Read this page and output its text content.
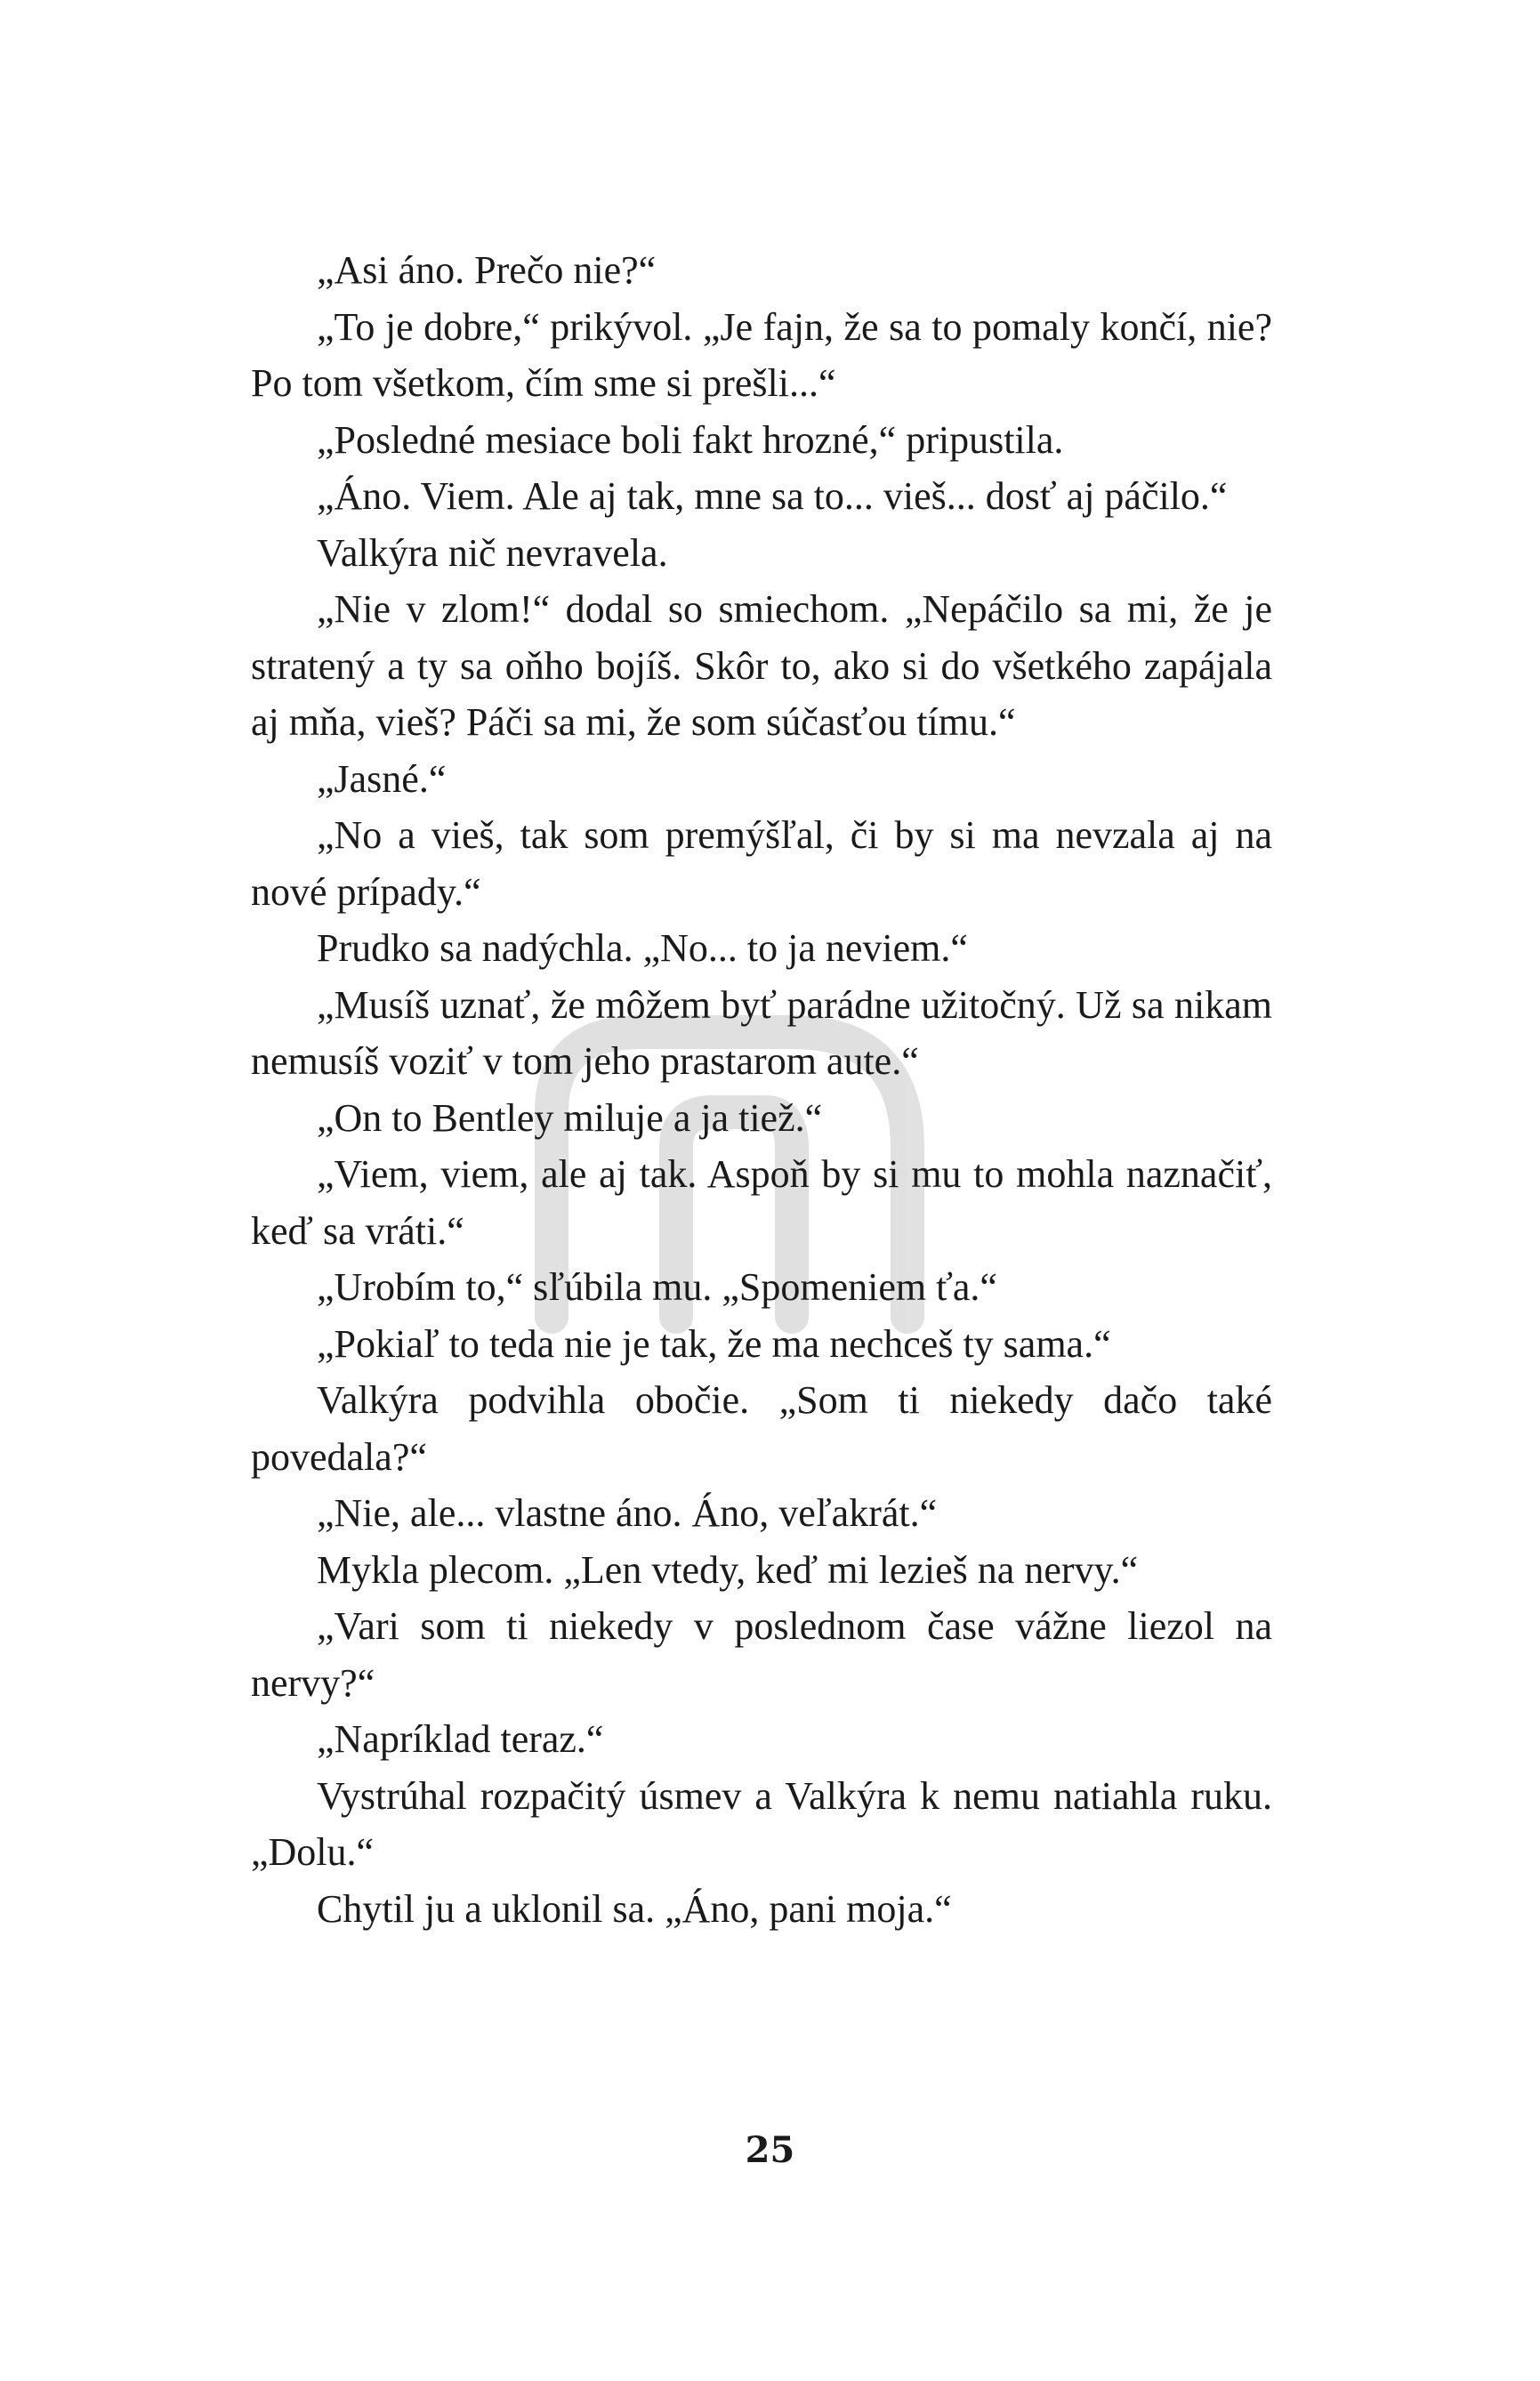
„Asi áno. Prečo nie?“

„To je dobre,“ prikývol. „Je fajn, že sa to pomaly končí, nie? Po tom všetkom, čím sme si prešli...“

„Posledné mesiace boli fakt hrozné,“ pripustila.

„Áno. Viem. Ale aj tak, mne sa to... vieš... dosť aj páčilo.“

Valkýra nič nevravela.

„Nie v zlom!“ dodal so smiechom. „Nepáčilo sa mi, že je stratený a ty sa oňho bojíš. Skôr to, ako si do všetkého zapájala aj mňa, vieš? Páči sa mi, že som súčasťou tímu.“

„Jasné.“

„No a vieš, tak som premýšľal, či by si ma nevzala aj na nové prípady.“

Prudko sa nadýchla. „No... to ja neviem.“

„Musíš uznať, že môžem byť parádne užitočný. Už sa nikam nemusíš voziť v tom jeho prastarom aute.“

„On to Bentley miluje a ja tiež.“

„Viem, viem, ale aj tak. Aspoň by si mu to mohla naznačiť, keď sa vráti.“

„Urobím to,“ sľúbila mu. „Spomeniem ťa.“

„Pokiaľ to teda nie je tak, že ma nechceš ty sama.“

Valkýra podvihla obočie. „Som ti niekedy dačo také povedala?“

„Nie, ale... vlastne áno. Áno, veľakrát.“

Mykla plecom. „Len vtedy, keď mi lezieš na nervy.“

„Vari som ti niekedy v poslednom čase vážne liezol na nervy?“

„Napríklad teraz.“

Vystrúhal rozpačitý úsmev a Valkýra k nemu natiahla ruku. „Dolu.“

Chytil ju a uklonil sa. „Áno, pani moja.“

25
